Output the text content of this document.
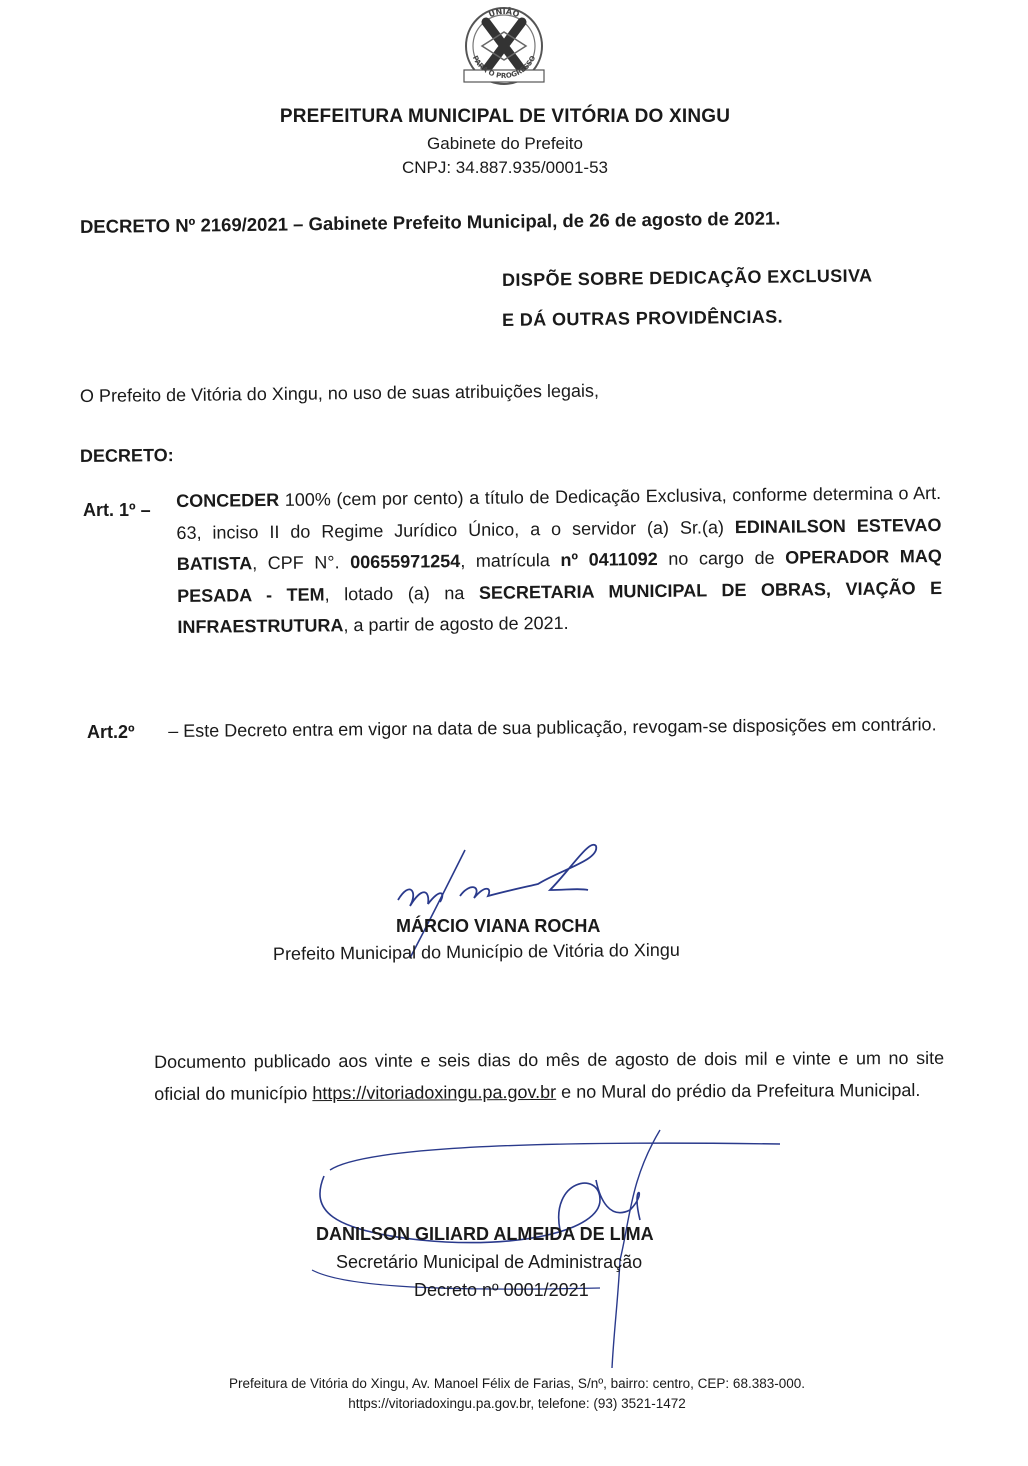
UNIÃO
PARA O PROGRESSO
PREFEITURA MUNICIPAL DE VITÓRIA DO XINGU
Gabinete do Prefeito
CNPJ: 34.887.935/0001-53
DECRETO Nº 2169/2021 – Gabinete Prefeito Municipal, de 26 de agosto de 2021.
DISPÕE SOBRE DEDICAÇÃO EXCLUSIVA
E DÁ OUTRAS PROVIDÊNCIAS.
O Prefeito de Vitória do Xingu, no uso de suas atribuições legais,
DECRETO:
Art. 1º – CONCEDER 100% (cem por cento) a título de Dedicação Exclusiva, conforme determina o Art. 63, inciso II do Regime Jurídico Único, a o servidor (a) Sr.(a) EDINAILSON ESTEVAO BATISTA, CPF N°. 00655971254, matrícula nº 0411092 no cargo de OPERADOR MAQ PESADA - TEM, lotado (a) na SECRETARIA MUNICIPAL DE OBRAS, VIAÇÃO E INFRAESTRUTURA, a partir de agosto de 2021.
Art.2º – Este Decreto entra em vigor na data de sua publicação, revogam-se disposições em contrário.
MÁRCIO VIANA ROCHA
Prefeito Municipal do Município de Vitória do Xingu
Documento publicado aos vinte e seis dias do mês de agosto de dois mil e vinte e um no site oficial do município https://vitoriadoxingu.pa.gov.br e no Mural do prédio da Prefeitura Municipal.
DANILSON GILIARD ALMEIDA DE LIMA
Secretário Municipal de Administração
Decreto nº 0001/2021
Prefeitura de Vitória do Xingu, Av. Manoel Félix de Farias, S/nº, bairro: centro, CEP: 68.383-000.
https://vitoriadoxingu.pa.gov.br, telefone: (93) 3521-1472
